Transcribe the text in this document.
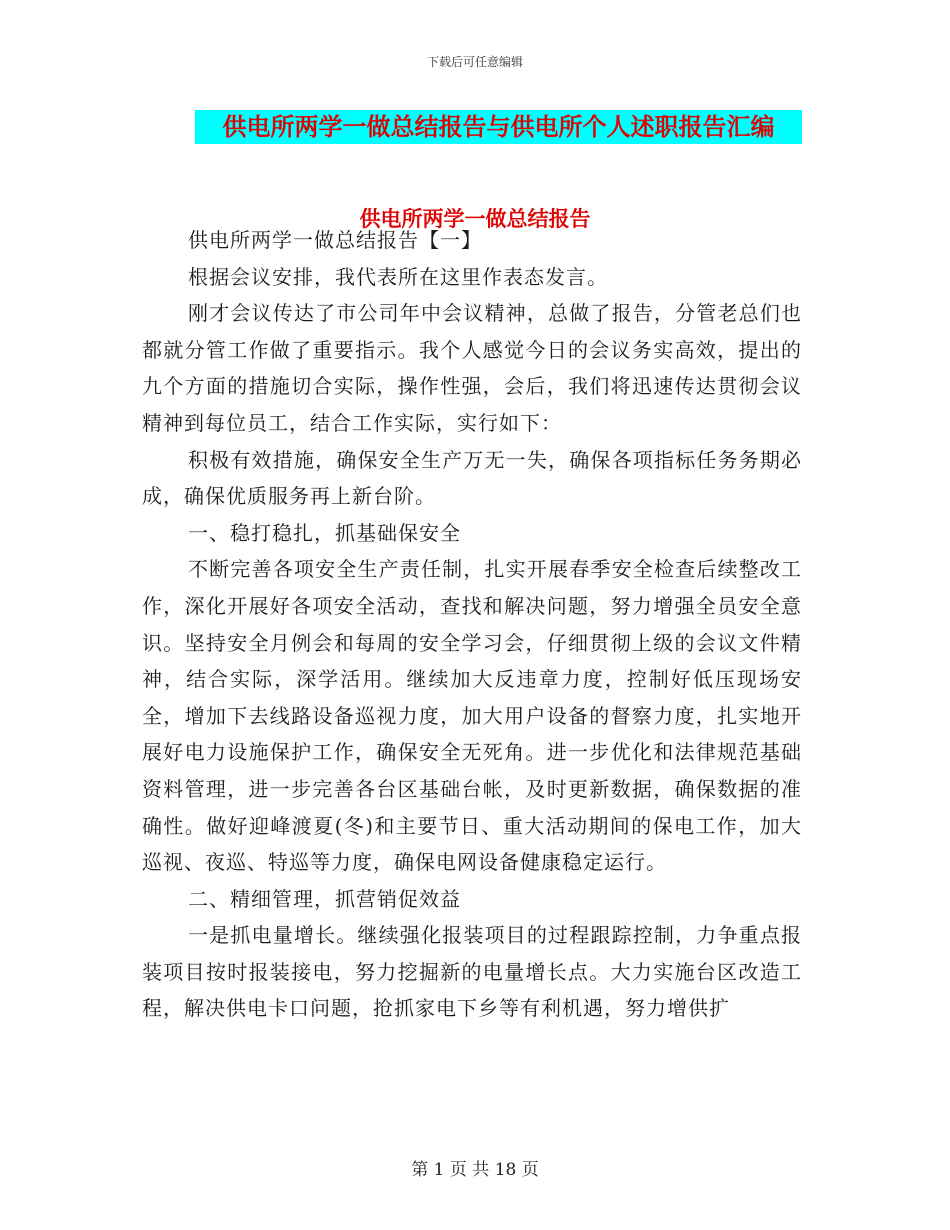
下载后可任意编辑
供电所两学一做总结报告与供电所个人述职报告汇编
供电所两学一做总结报告

供电所两学一做总结报告【一】

根据会议安排，我代表所在这里作表态发言。

刚才会议传达了市公司年中会议精神，总做了报告，分管老总们也都就分管工作做了重要指示。我个人感觉今日的会议务实高效，提出的九个方面的措施切合实际，操作性强，会后，我们将迅速传达贯彻会议精神到每位员工，结合工作实际，实行如下：

积极有效措施，确保安全生产万无一失，确保各项指标任务务期必成，确保优质服务再上新台阶。

一、稳打稳扎，抓基础保安全

不断完善各项安全生产责任制，扎实开展春季安全检查后续整改工作，深化开展好各项安全活动，查找和解决问题，努力增强全员安全意识。坚持安全月例会和每周的安全学习会，仔细贯彻上级的会议文件精神，结合实际，深学活用。继续加大反违章力度，控制好低压现场安全，增加下去线路设备巡视力度，加大用户设备的督察力度，扎实地开展好电力设施保护工作，确保安全无死角。进一步优化和法律规范基础资料管理，进一步完善各台区基础台帐，及时更新数据，确保数据的准确性。做好迎峰渡夏(冬)和主要节日、重大活动期间的保电工作，加大巡视、夜巡、特巡等力度，确保电网设备健康稳定运行。

二、精细管理，抓营销促效益

一是抓电量增长。继续强化报装项目的过程跟踪控制，力争重点报装项目按时报装接电，努力挖掘新的电量增长点。大力实施台区改造工程，解决供电卡口问题，抢抓家电下乡等有利机遇，努力增供扩

第 1 页 共 18 页
